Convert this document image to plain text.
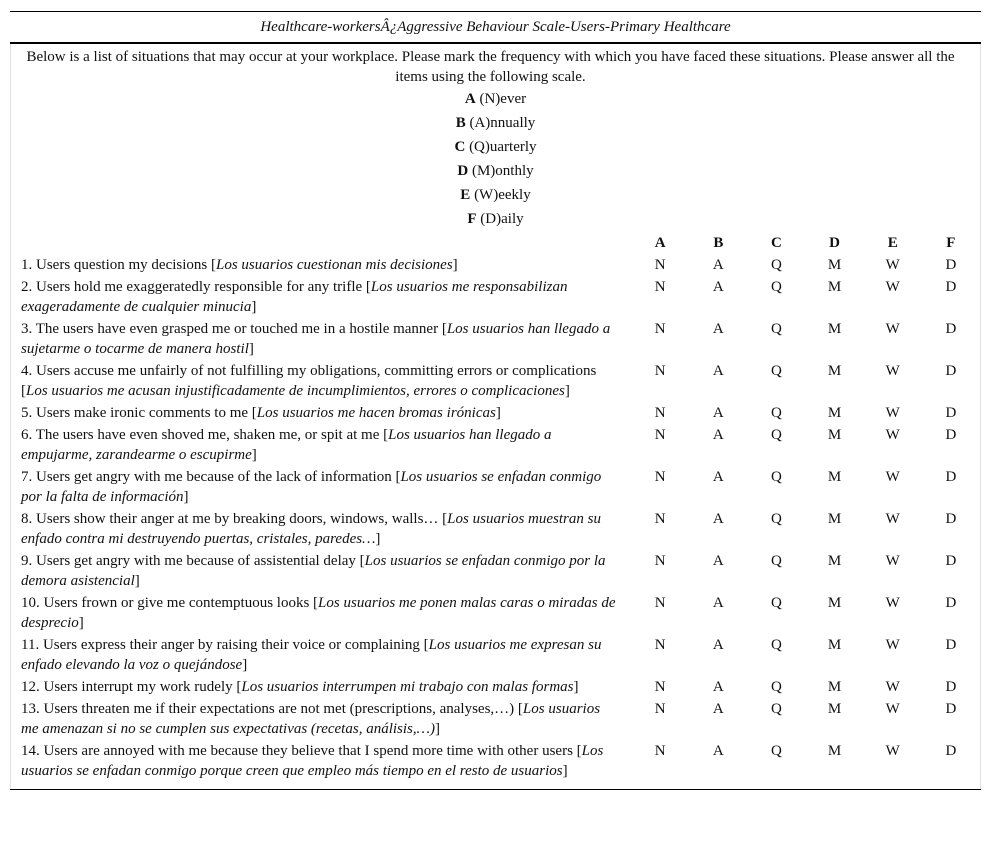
Healthcare-workersÂ¿Aggressive Behaviour Scale-Users-Primary Healthcare
Below is a list of situations that may occur at your workplace. Please mark the frequency with which you have faced these situations. Please answer all the items using the following scale.
A (N)ever
B (A)nnually
C (Q)uarterly
D (M)onthly
E (W)eekly
F (D)aily
	A	B	C	D	E	F
1. Users question my decisions [Los usuarios cuestionan mis decisiones]	N	A	Q	M	W	D
2. Users hold me exaggeratedly responsible for any trifle [Los usuarios me responsabilizan exageradamente de cualquier minucia]	N	A	Q	M	W	D
3. The users have even grasped me or touched me in a hostile manner [Los usuarios han llegado a sujetarme o tocarme de manera hostil]	N	A	Q	M	W	D
4. Users accuse me unfairly of not fulfilling my obligations, committing errors or complications [Los usuarios me acusan injustificadamente de incumplimientos, errores o complicaciones]	N	A	Q	M	W	D
5. Users make ironic comments to me [Los usuarios me hacen bromas irónicas]	N	A	Q	M	W	D
6. The users have even shoved me, shaken me, or spit at me [Los usuarios han llegado a empujarme, zarandearme o escupirme]	N	A	Q	M	W	D
7. Users get angry with me because of the lack of information [Los usuarios se enfadan conmigo por la falta de información]	N	A	Q	M	W	D
8. Users show their anger at me by breaking doors, windows, walls… [Los usuarios muestran su enfado contra mi destruyendo puertas, cristales, paredes…]	N	A	Q	M	W	D
9. Users get angry with me because of assistential delay [Los usuarios se enfadan conmigo por la demora asistencial]	N	A	Q	M	W	D
10. Users frown or give me contemptuous looks [Los usuarios me ponen malas caras o miradas de desprecio]	N	A	Q	M	W	D
11. Users express their anger by raising their voice or complaining [Los usuarios me expresan su enfado elevando la voz o quejándose]	N	A	Q	M	W	D
12. Users interrupt my work rudely [Los usuarios interrumpen mi trabajo con malas formas]	N	A	Q	M	W	D
13. Users threaten me if their expectations are not met (prescriptions, analyses,…) [Los usuarios me amenazan si no se cumplen sus expectativas (recetas, análisis,…)]	N	A	Q	M	W	D
14. Users are annoyed with me because they believe that I spend more time with other users [Los usuarios se enfadan conmigo porque creen que empleo más tiempo en el resto de usuarios]	N	A	Q	M	W	D
